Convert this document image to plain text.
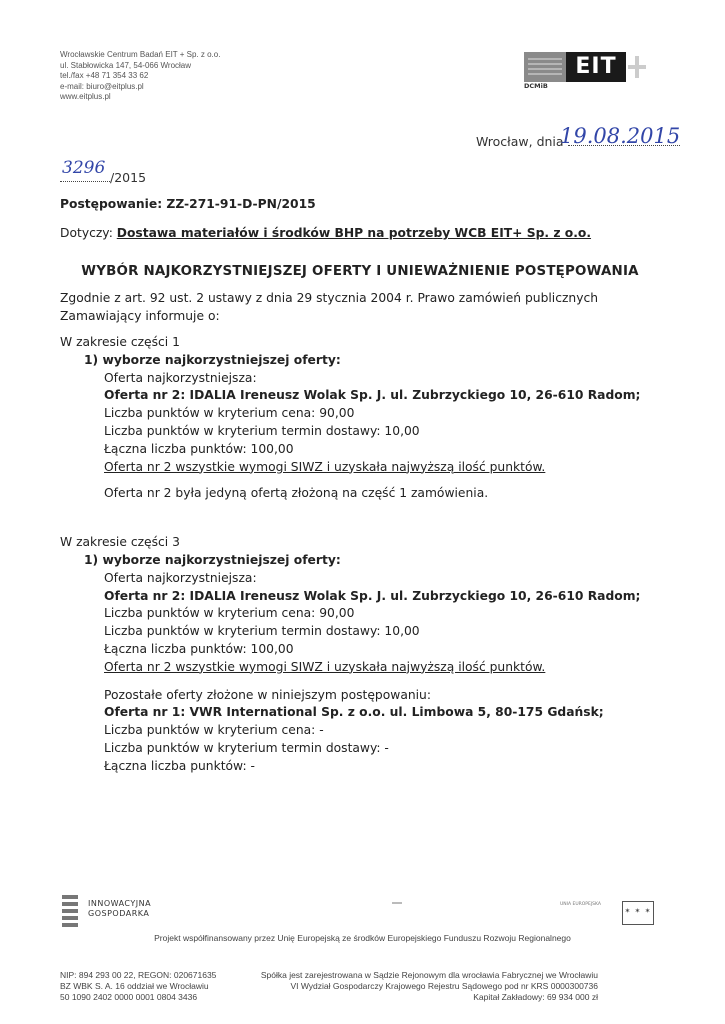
Wrocławskie Centrum Badań EIT + Sp. z o.o.
ul. Stabłowicka 147, 54-066 Wrocław
tel./fax +48 71 354 33 62
e-mail: biuro@eitplus.pl
www.eitplus.pl
EIT
DCMiB
Wrocław, dnia
19.08.2015
/2015
3296

Postępowanie: ZZ-271-91-D-PN/2015

Dotyczy: Dostawa materiałów i środków BHP na potrzeby WCB EIT+ Sp. z o.o.

WYBÓR NAJKORZYSTNIEJSZEJ OFERTY I UNIEWAŻNIENIE POSTĘPOWANIA

Zgodnie z art. 92 ust. 2 ustawy z dnia 29 stycznia 2004 r. Prawo zamówień publicznych Zamawiający informuje o:

W zakresie części 1

1) wyborze najkorzystniejszej oferty:

Oferta najkorzystniejsza:

Oferta nr 2: IDALIA Ireneusz Wolak Sp. J. ul. Zubrzyckiego 10, 26-610 Radom;

Liczba punktów w kryterium cena: 90,00

Liczba punktów w kryterium termin dostawy: 10,00

Łączna liczba punktów: 100,00

Oferta nr 2 wszystkie wymogi SIWZ i uzyskała najwyższą ilość punktów.

Oferta nr 2 była jedyną ofertą złożoną na część 1 zamówienia.

W zakresie części 3

1) wyborze najkorzystniejszej oferty:

Oferta najkorzystniejsza:

Oferta nr 2: IDALIA Ireneusz Wolak Sp. J. ul. Zubrzyckiego 10, 26-610 Radom;

Liczba punktów w kryterium cena: 90,00

Liczba punktów w kryterium termin dostawy: 10,00

Łączna liczba punktów: 100,00

Oferta nr 2 wszystkie wymogi SIWZ i uzyskała najwyższą ilość punktów.

Pozostałe oferty złożone w niniejszym postępowaniu:

Oferta nr 1: VWR International Sp. z o.o. ul. Limbowa 5, 80-175 Gdańsk;

Liczba punktów w kryterium cena: -

Liczba punktów w kryterium termin dostawy: -

Łączna liczba punktów: -

INNOWACYJNA
GOSPODARKA
UNIA EUROPEJSKA
✶ ✶ ✶
Projekt współfinansowany przez Unię Europejską ze środków Europejskiego Funduszu Rozwoju Regionalnego
NIP: 894 293 00 22, REGON: 020671635
BZ WBK S. A. 16 oddział we Wrocławiu
50 1090 2402 0000 0001 0804 3436
Spółka jest zarejestrowana w Sądzie Rejonowym dla wrocławia Fabrycznej we Wrocławiu
VI Wydział Gospodarczy Krajowego Rejestru Sądowego pod nr KRS 0000300736
Kapitał Zakładowy: 69 934 000 zł
